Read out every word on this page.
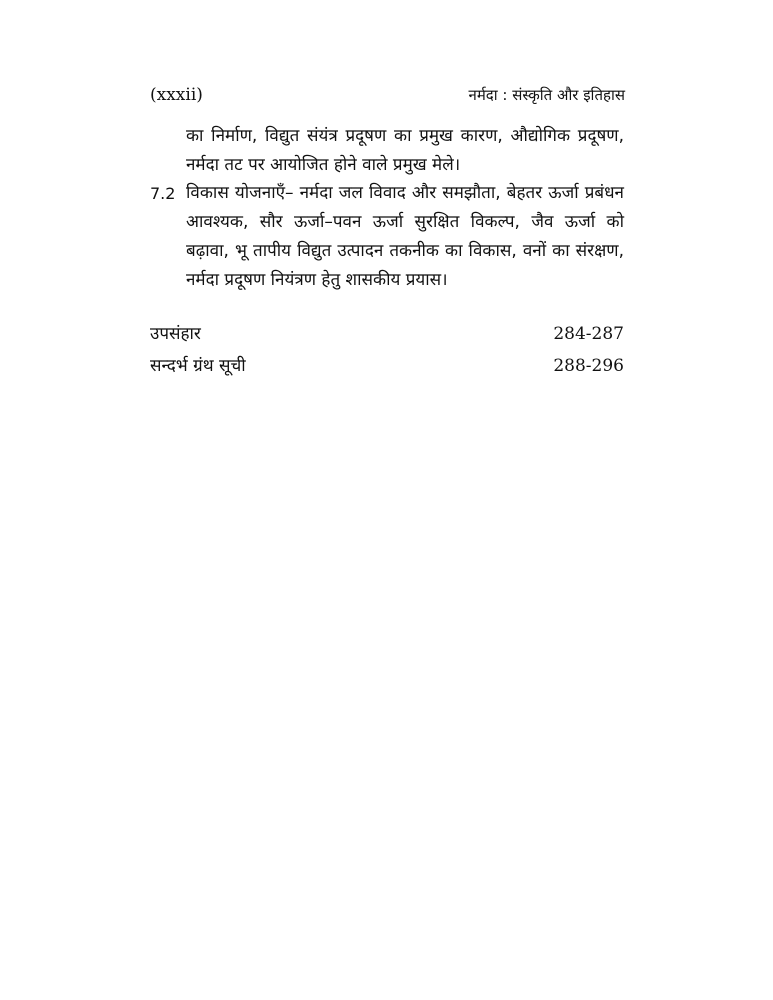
(xxxii)	नर्मदा : संस्कृति और इतिहास
का निर्माण, विद्युत संयंत्र प्रदूषण का प्रमुख कारण, औद्योगिक प्रदूषण, नर्मदा तट पर आयोजित होने वाले प्रमुख मेले।
7.2 विकास योजनाएँ– नर्मदा जल विवाद और समझौता, बेहतर ऊर्जा प्रबंधन आवश्यक, सौर ऊर्जा–पवन ऊर्जा सुरक्षित विकल्प, जैव ऊर्जा को बढ़ावा, भू तापीय विद्युत उत्पादन तकनीक का विकास, वनों का संरक्षण, नर्मदा प्रदूषण नियंत्रण हेतु शासकीय प्रयास।
उपसंहार	284-287
सन्दर्भ ग्रंथ सूची	288-296
